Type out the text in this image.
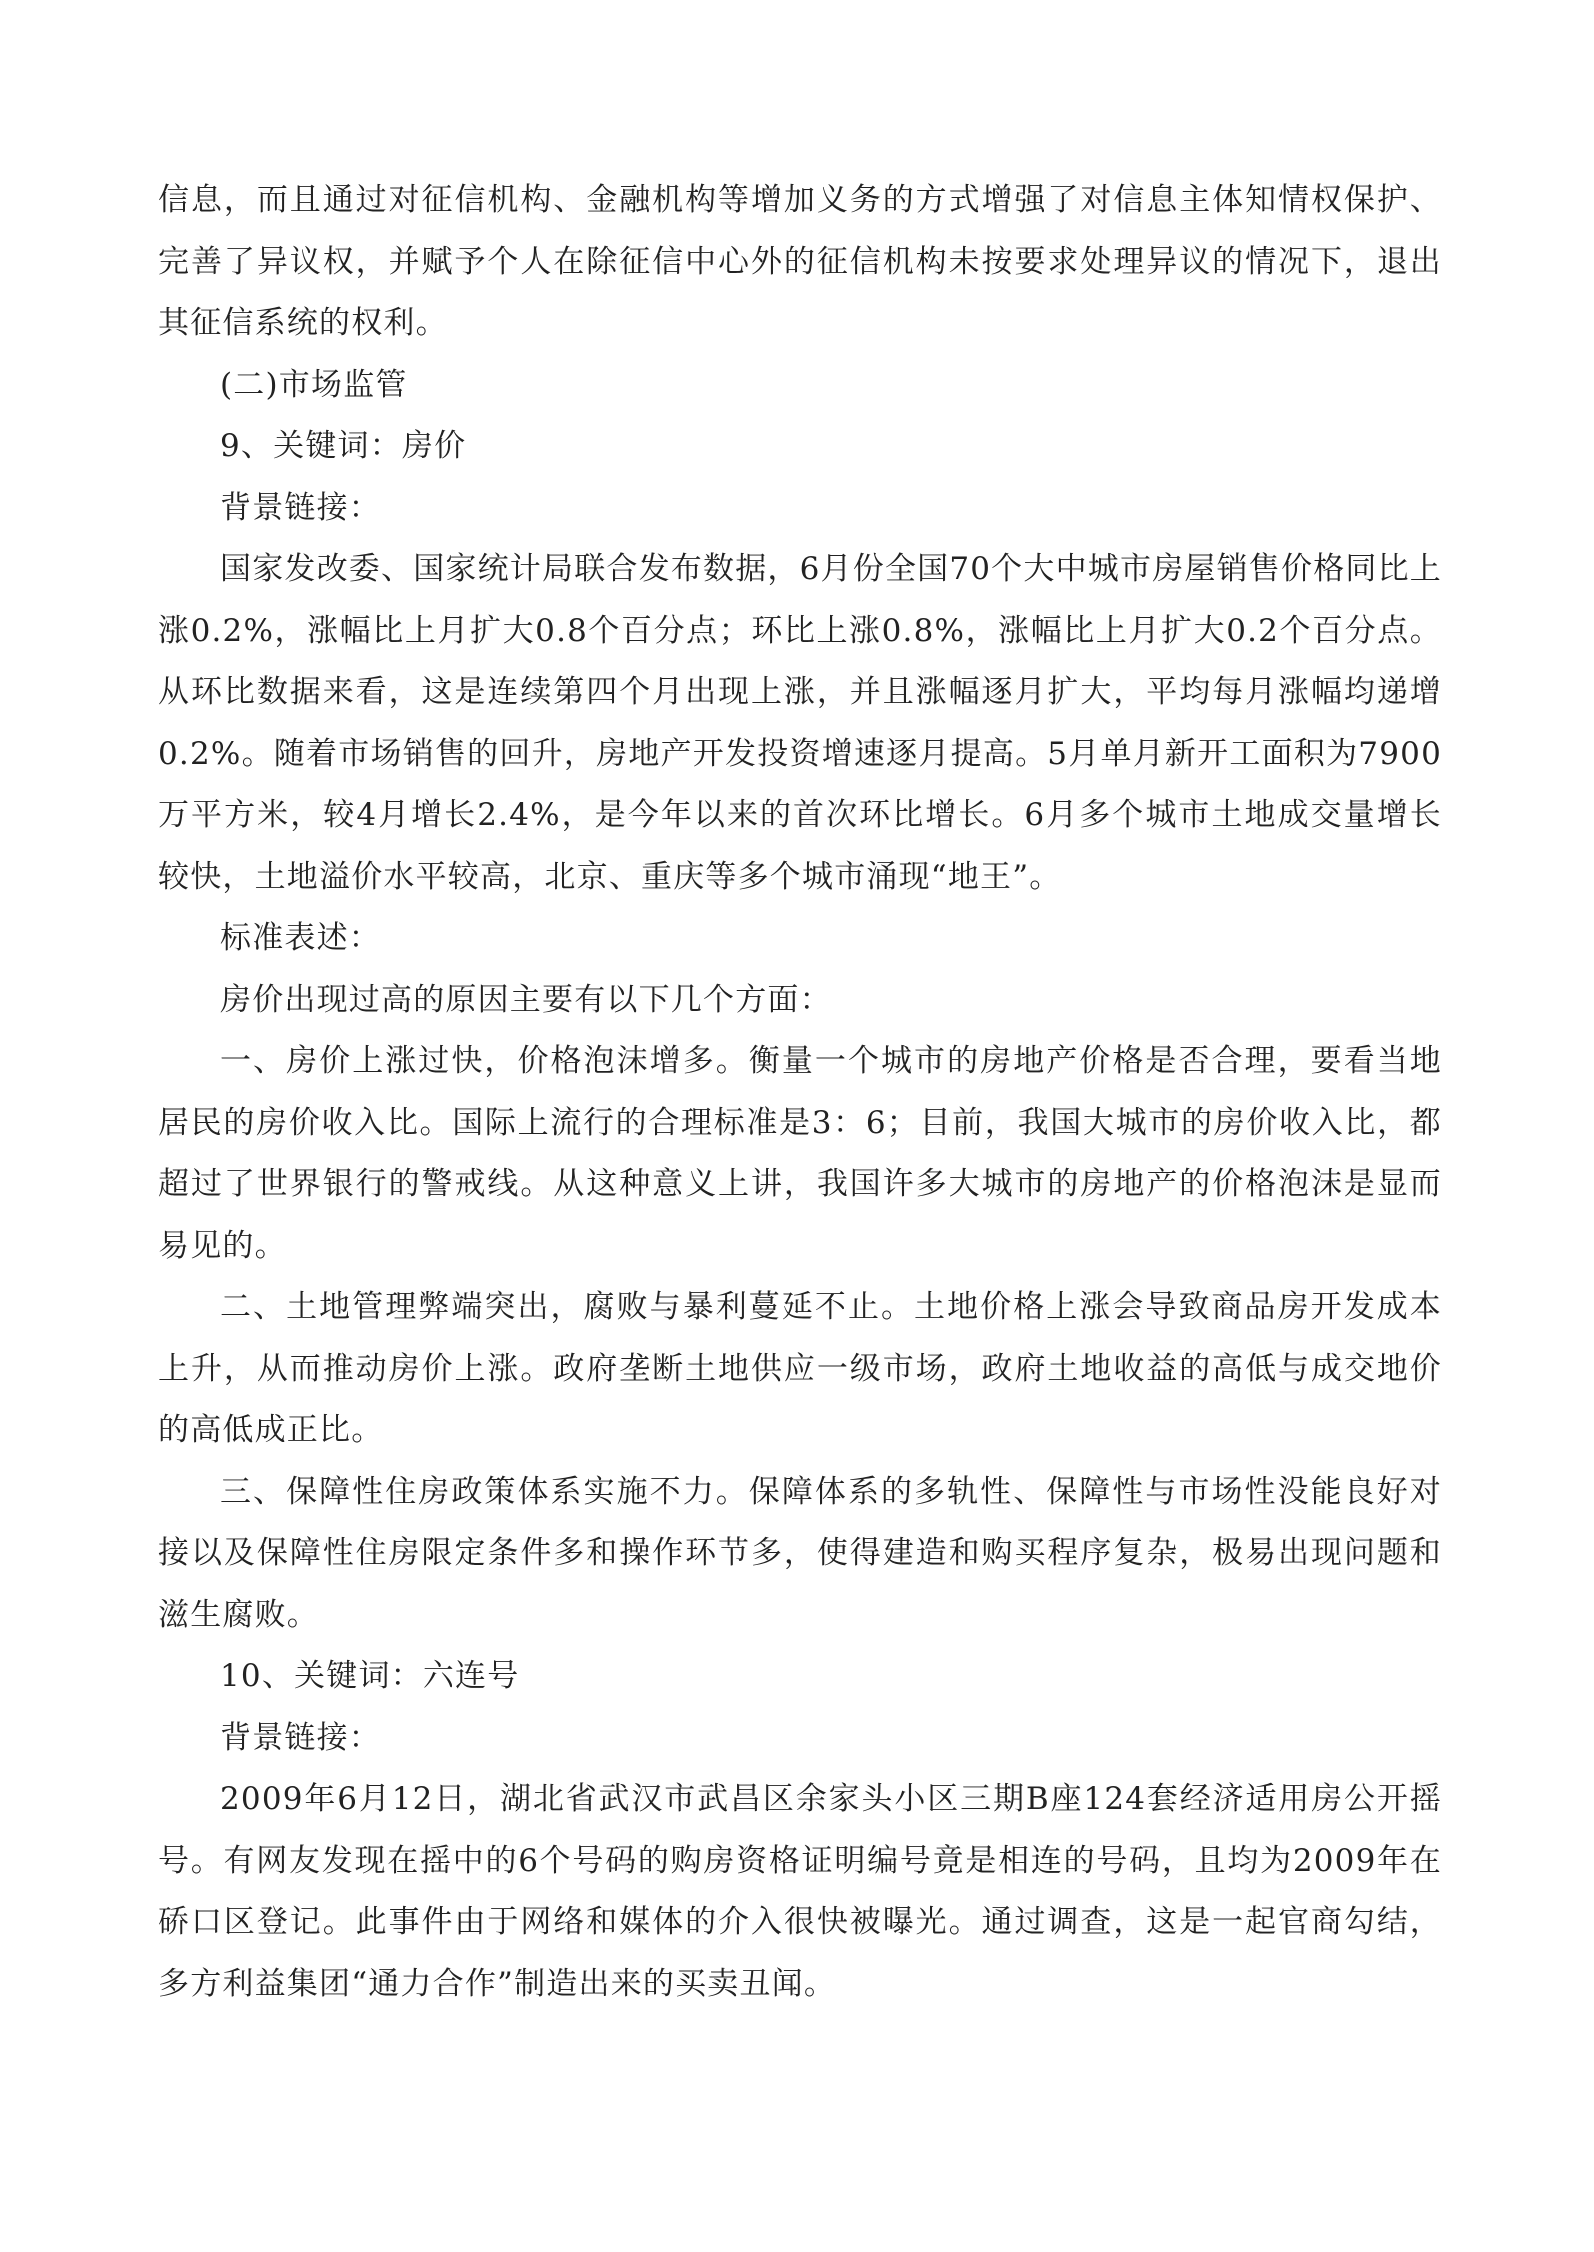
信息，而且通过对征信机构、金融机构等增加义务的方式增强了对信息主体知情权保护、完善了异议权，并赋予个人在除征信中心外的征信机构未按要求处理异议的情况下，退出其征信系统的权利。

(二)市场监管

9、关键词：房价

背景链接：

国家发改委、国家统计局联合发布数据，6月份全国70个大中城市房屋销售价格同比上涨0.2%，涨幅比上月扩大0.8个百分点；环比上涨0.8%，涨幅比上月扩大0.2个百分点。从环比数据来看，这是连续第四个月出现上涨，并且涨幅逐月扩大，平均每月涨幅均递增0.2%。随着市场销售的回升，房地产开发投资增速逐月提高。5月单月新开工面积为7900万平方米，较4月增长2.4%，是今年以来的首次环比增长。6月多个城市土地成交量增长较快，土地溢价水平较高，北京、重庆等多个城市涌现“地王”。

标准表述：

房价出现过高的原因主要有以下几个方面：

一、房价上涨过快，价格泡沫增多。衡量一个城市的房地产价格是否合理，要看当地居民的房价收入比。国际上流行的合理标准是3：6；目前，我国大城市的房价收入比，都超过了世界银行的警戒线。从这种意义上讲，我国许多大城市的房地产的价格泡沫是显而易见的。

二、土地管理弊端突出，腐败与暴利蔓延不止。土地价格上涨会导致商品房开发成本上升，从而推动房价上涨。政府垄断土地供应一级市场，政府土地收益的高低与成交地价的高低成正比。

三、保障性住房政策体系实施不力。保障体系的多轨性、保障性与市场性没能良好对接以及保障性住房限定条件多和操作环节多，使得建造和购买程序复杂，极易出现问题和滋生腐败。

10、关键词：六连号

背景链接：

2009年6月12日，湖北省武汉市武昌区余家头小区三期B座124套经济适用房公开摇号。有网友发现在摇中的6个号码的购房资格证明编号竟是相连的号码，且均为2009年在硚口区登记。此事件由于网络和媒体的介入很快被曝光。通过调查，这是一起官商勾结，多方利益集团“通力合作”制造出来的买卖丑闻。
